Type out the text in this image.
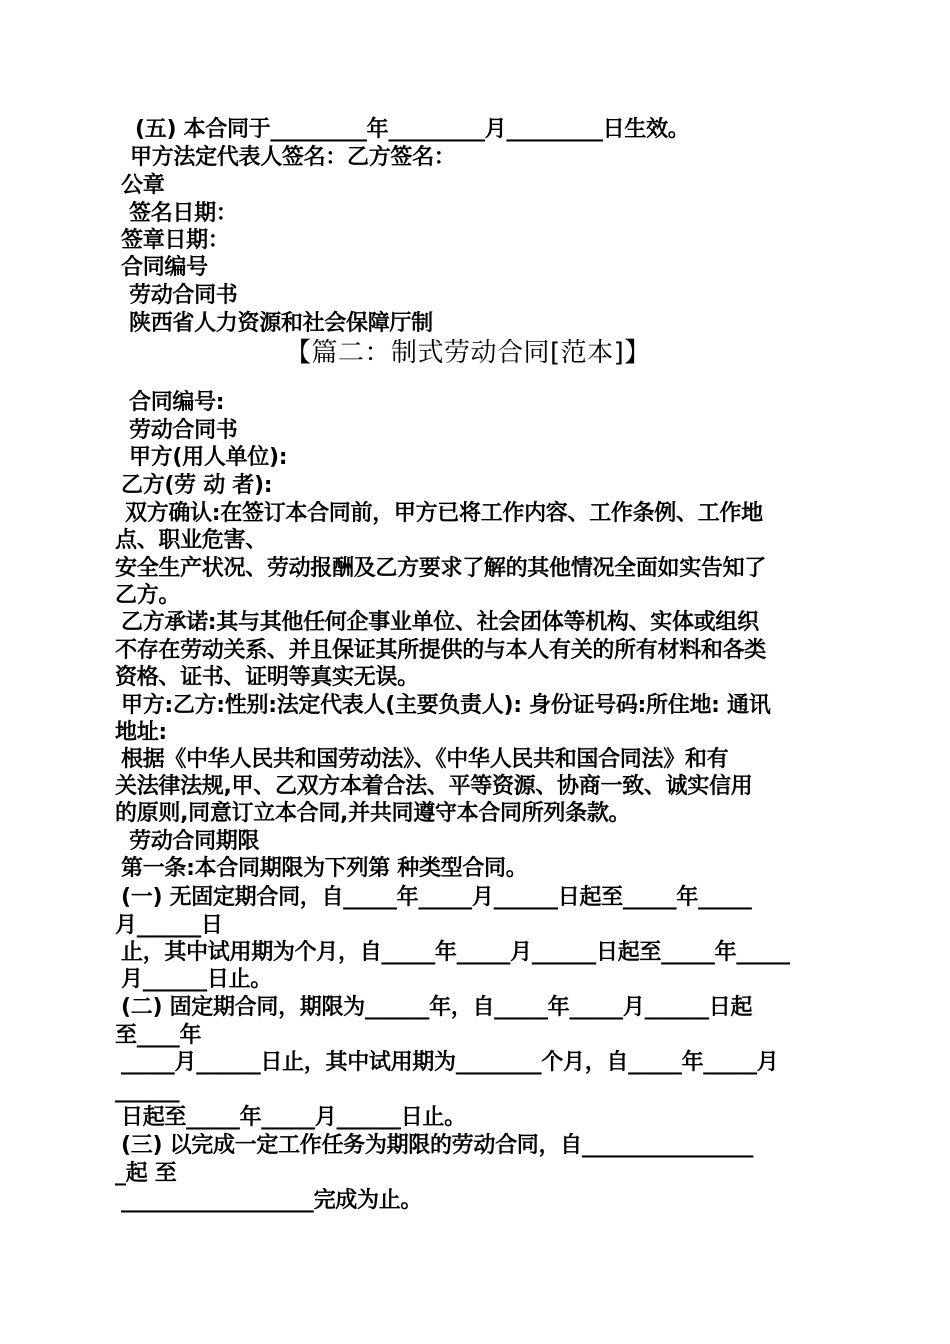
(五) 本合同于_________年_________月_________日生效。

甲方法定代表人签名：乙方签名：

公章

签名日期：

签章日期：

合同编号

劳动合同书

陕西省人力资源和社会保障厅制

【篇二：制式劳动合同[范本]】

合同编号:

劳动合同书

甲方(用人单位):

乙方(劳 动 者):

双方确认:在签订本合同前，甲方已将工作内容、工作条例、工作地

点、职业危害、

安全生产状况、劳动报酬及乙方要求了解的其他情况全面如实告知了

乙方。

乙方承诺:其与其他任何企事业单位、社会团体等机构、实体或组织

不存在劳动关系、并且保证其所提供的与本人有关的所有材料和各类

资格、证书、证明等真实无误。

甲方:乙方:性别:法定代表人(主要负责人): 身份证号码:所住地: 通讯

地址:

根据《中华人民共和国劳动法》、《中华人民共和国合同法》和有

关法律法规,甲、乙双方本着合法、平等资源、协商一致、诚实信用

的原则,同意订立本合同,并共同遵守本合同所列条款。

劳动合同期限

第一条:本合同期限为下列第 种类型合同。

(一) 无固定期合同，自_____年_____月______日起至_____年_____

月______日

止，其中试用期为个月，自_____年_____月______日起至_____年_____

月______日止。

(二) 固定期合同，期限为______年，自_____年_____月______日起

至____年

_____月______日止，其中试用期为________个月，自_____年_____月

______

日起至_____年_____月______日止。

(三) 以完成一定工作任务为期限的劳动合同，自________________

_起 至

__________________完成为止。
